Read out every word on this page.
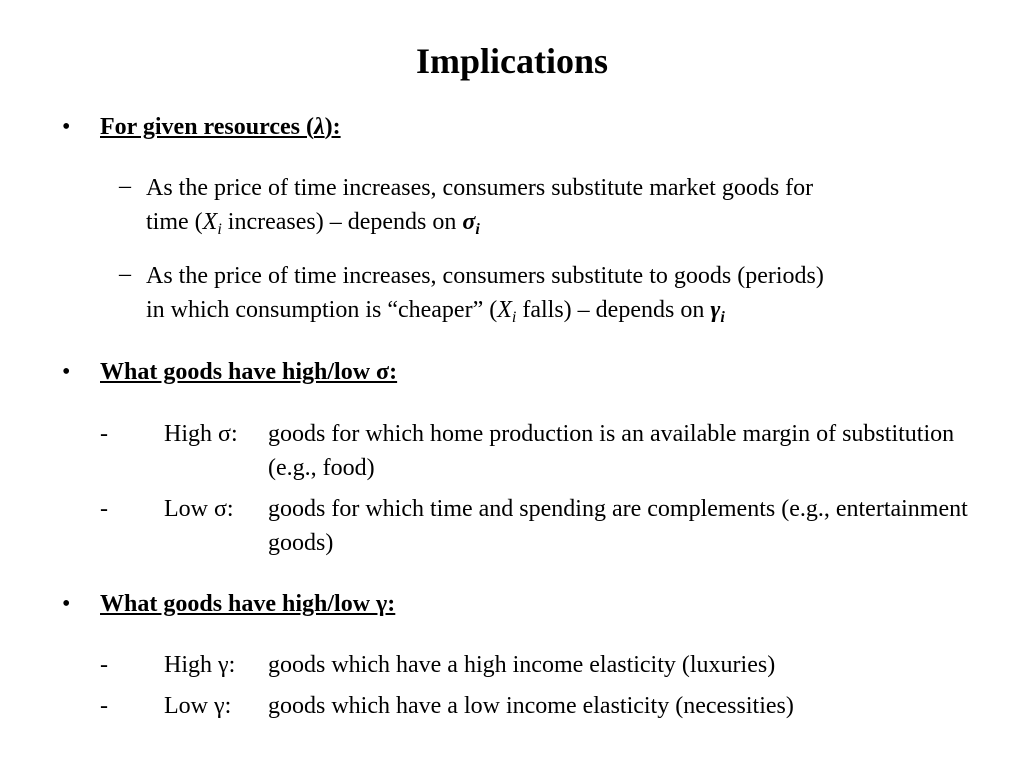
Implications
• For given resources (λ):
– As the price of time increases, consumers substitute market goods for
time ($X_i$ increases) – depends on $\sigma_i$
– As the price of time increases, consumers substitute to goods (periods)
in which consumption is “cheaper” ($X_i$ falls) – depends on $\gamma_i$
• What goods have high/low σ:
- High σ: goods for which home production is an available margin of substitution (e.g., food)
- Low σ: goods for which time and spending are complements (e.g., entertainment goods)
• What goods have high/low γ:
- High γ: goods which have a high income elasticity (luxuries)
- Low γ: goods which have a low income elasticity (necessities)
